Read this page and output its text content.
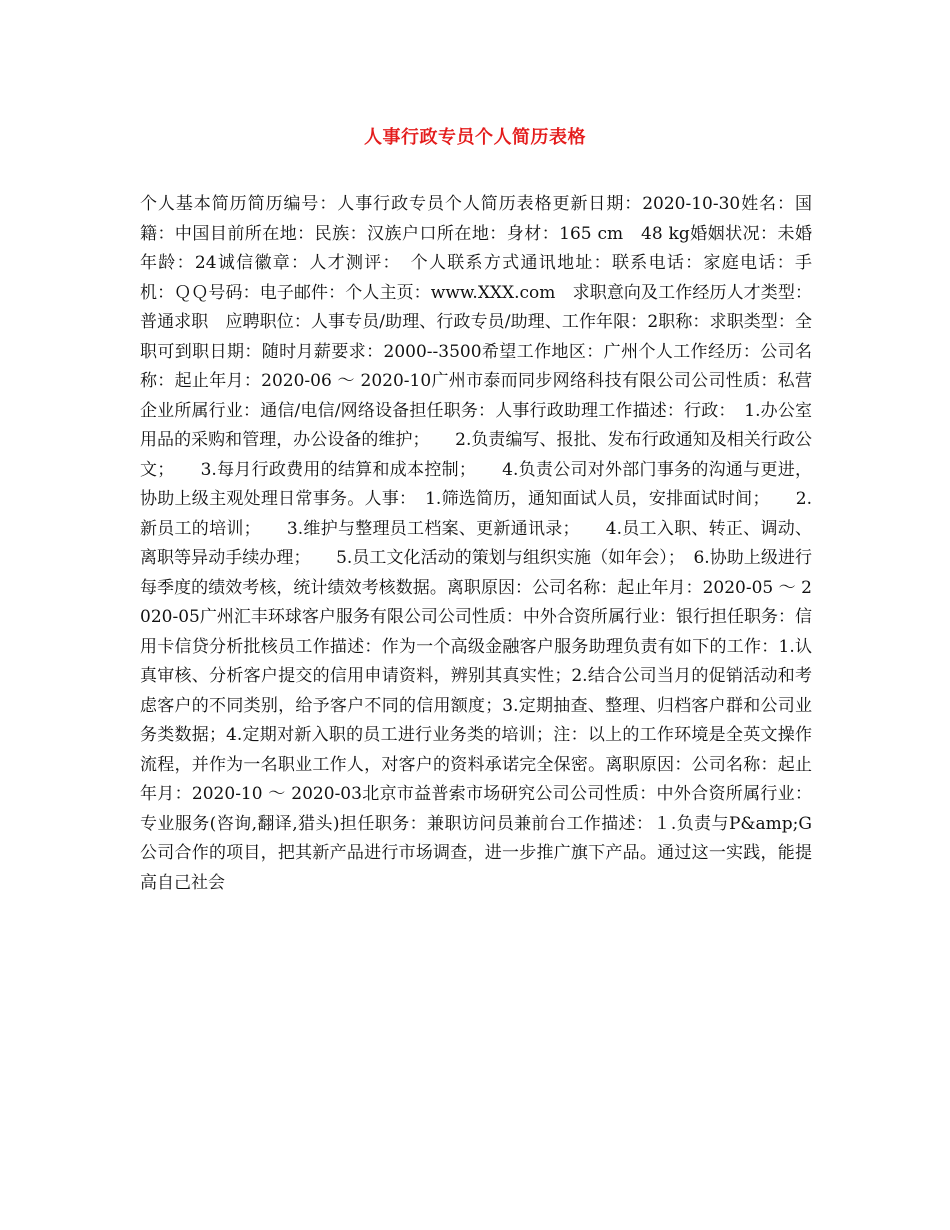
人事行政专员个人简历表格
个人基本简历简历编号：人事行政专员个人简历表格更新日期：2020-10-30姓名：国籍：中国目前所在地：民族：汉族户口所在地：身材：165 cm　48 kg婚姻状况：未婚年龄：24诚信徽章：人才测评：　个人联系方式通讯地址：联系电话：家庭电话：手　　机：ＱＱ号码：电子邮件：个人主页：www.XXX.com　求职意向及工作经历人才类型：普通求职　应聘职位：人事专员/助理、行政专员/助理、工作年限：2职称：求职类型：全职可到职日期：随时月薪要求：2000--3500希望工作地区：广州个人工作经历：公司名称：起止年月：2020-06 ～ 2020-10广州市泰而同步网络科技有限公司公司性质：私营企业所属行业：通信/电信/网络设备担任职务：人事行政助理工作描述：行政：　1.办公室用品的采购和管理，办公设备的维护；　　2.负责编写、报批、发布行政通知及相关行政公文；　　3.每月行政费用的结算和成本控制；　　4.负责公司对外部门事务的沟通与更进，协助上级主观处理日常事务。人事：　1.筛选简历，通知面试人员，安排面试时间；　　2.新员工的培训；　　3.维护与整理员工档案、更新通讯录；　　4.员工入职、转正、调动、离职等异动手续办理；　　5.员工文化活动的策划与组织实施（如年会）；　6.协助上级进行每季度的绩效考核，统计绩效考核数据。离职原因：公司名称：起止年月：2020-05 ～ 2020-05广州汇丰环球客户服务有限公司公司性质：中外合资所属行业：银行担任职务：信用卡信贷分析批核员工作描述：作为一个高级金融客户服务助理负责有如下的工作：1.认真审核、分析客户提交的信用申请资料，辨别其真实性；2.结合公司当月的促销活动和考虑客户的不同类别，给予客户不同的信用额度；3.定期抽查、整理、归档客户群和公司业务类数据；4.定期对新入职的员工进行业务类的培训；注：以上的工作环境是全英文操作流程，并作为一名职业工作人，对客户的资料承诺完全保密。离职原因：公司名称：起止年月：2020-10 ～ 2020-03北京市益普索市场研究公司公司性质：中外合资所属行业：专业服务(咨询,翻译,猎头)担任职务：兼职访问员兼前台工作描述：１.负责与P&amp;G公司合作的项目，把其新产品进行市场调查，进一步推广旗下产品。通过这一实践，能提高自己社会
